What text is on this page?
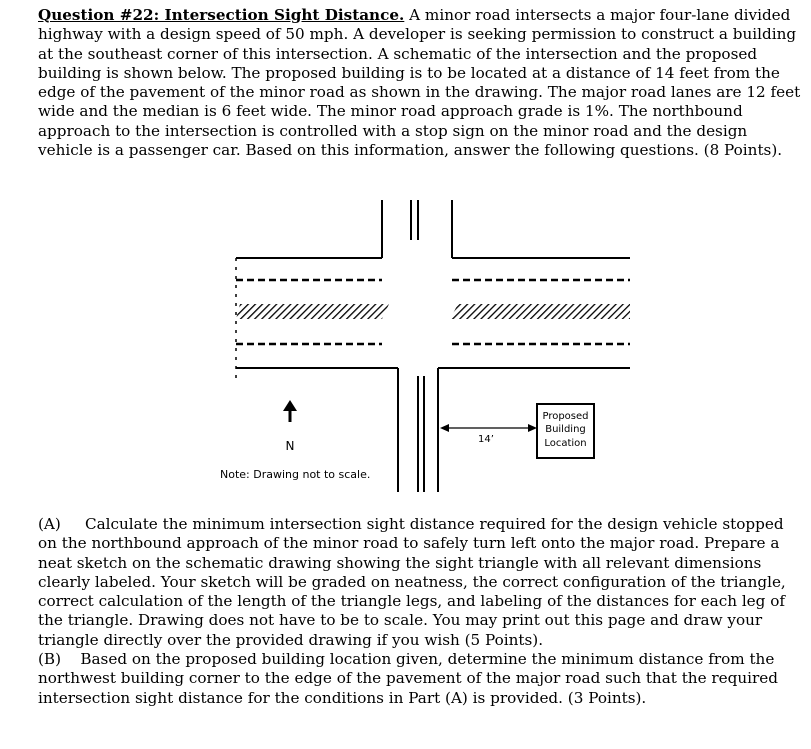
Question #22: Intersection Sight Distance. A minor road intersects a major four-lane divided highway with a design speed of 50 mph. A developer is seeking permission to construct a building at the southeast corner of this intersection. A schematic of the intersection and the proposed building is shown below. The proposed building is to be located at a distance of 14 feet from the edge of the pavement of the minor road as shown in the drawing. The major road lanes are 12 feet wide and the median is 6 feet wide. The minor road approach grade is 1%. The northbound approach to the intersection is controlled with a stop sign on the minor road and the design vehicle is a passenger car. Based on this information, answer the following questions. (8 Points).

14’
Proposed
Building
Location
N
Note: Drawing not to scale.

(A) Calculate the minimum intersection sight distance required for the design vehicle stopped on the northbound approach of the minor road to safely turn left onto the major road. Prepare a neat sketch on the schematic drawing showing the sight triangle with all relevant dimensions clearly labeled. Your sketch will be graded on neatness, the correct configuration of the triangle, correct calculation of the length of the triangle legs, and labeling of the distances for each leg of the triangle. Drawing does not have to be to scale. You may print out this page and draw your triangle directly over the provided drawing if you wish (5 Points).
(B) Based on the proposed building location given, determine the minimum distance from the northwest building corner to the edge of the pavement of the major road such that the required intersection sight distance for the conditions in Part (A) is provided. (3 Points).
